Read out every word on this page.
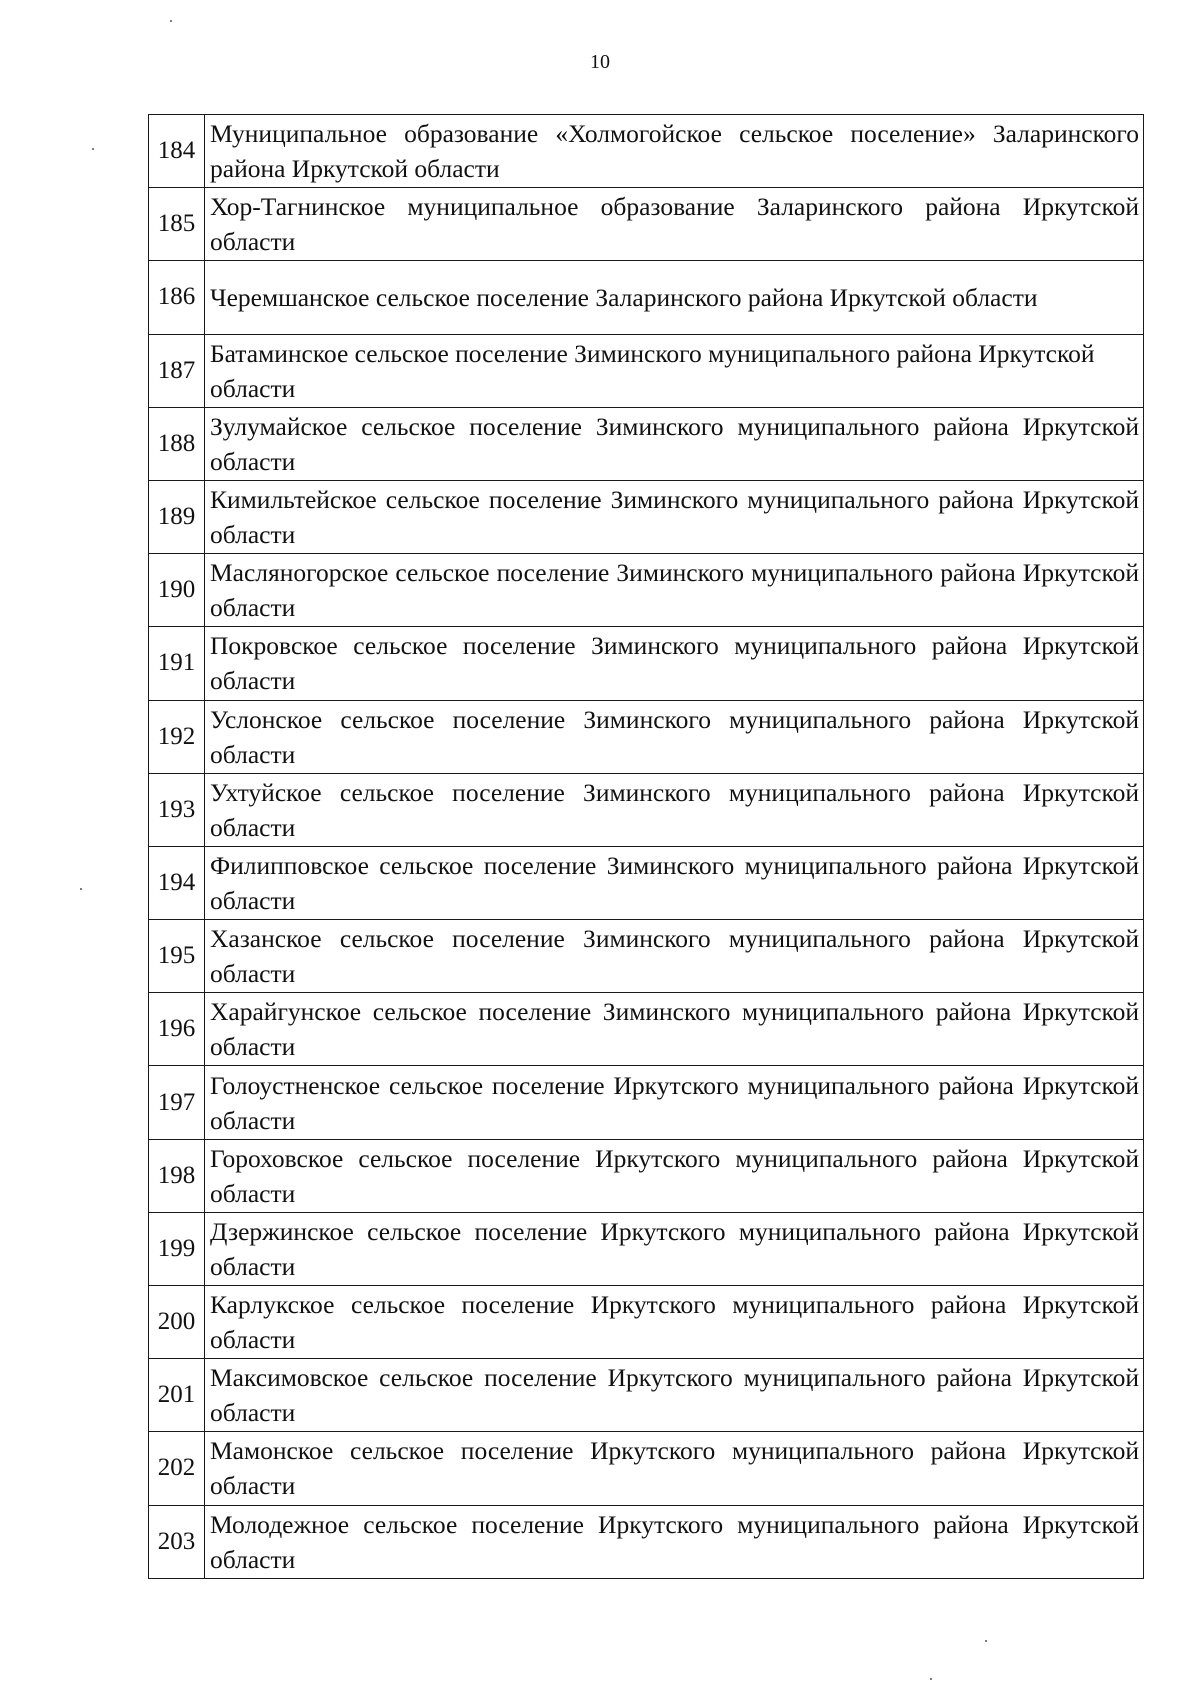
10
184	Муниципальное образование «Холмогойское сельское поселение» Заларинского района Иркутской области
185	Хор-Тагнинское муниципальное образование Заларинского района Иркутской области
186	Черемшанское сельское поселение Заларинского района Иркутской области
187	Батаминское сельское поселение Зиминского муниципального района Иркутской области
188	Зулумайское сельское поселение Зиминского муниципального района Иркутской области
189	Кимильтейское сельское поселение Зиминского муниципального района Иркутской области
190	Масляногорское сельское поселение Зиминского муниципального района Иркутской области
191	Покровское сельское поселение Зиминского муниципального района Иркутской области
192	Услонское сельское поселение Зиминского муниципального района Иркутской области
193	Ухтуйское сельское поселение Зиминского муниципального района Иркутской области
194	Филипповское сельское поселение Зиминского муниципального района Иркутской области
195	Хазанское сельское поселение Зиминского муниципального района Иркутской области
196	Харайгунское сельское поселение Зиминского муниципального района Иркутской области
197	Голоустненское сельское поселение Иркутского муниципального района Иркутской области
198	Гороховское сельское поселение Иркутского муниципального района Иркутской области
199	Дзержинское сельское поселение Иркутского муниципального района Иркутской области
200	Карлукское сельское поселение Иркутского муниципального района Иркутской области
201	Максимовское сельское поселение Иркутского муниципального района Иркутской области
202	Мамонское сельское поселение Иркутского муниципального района Иркутской области
203	Молодежное сельское поселение Иркутского муниципального района Иркутской области
